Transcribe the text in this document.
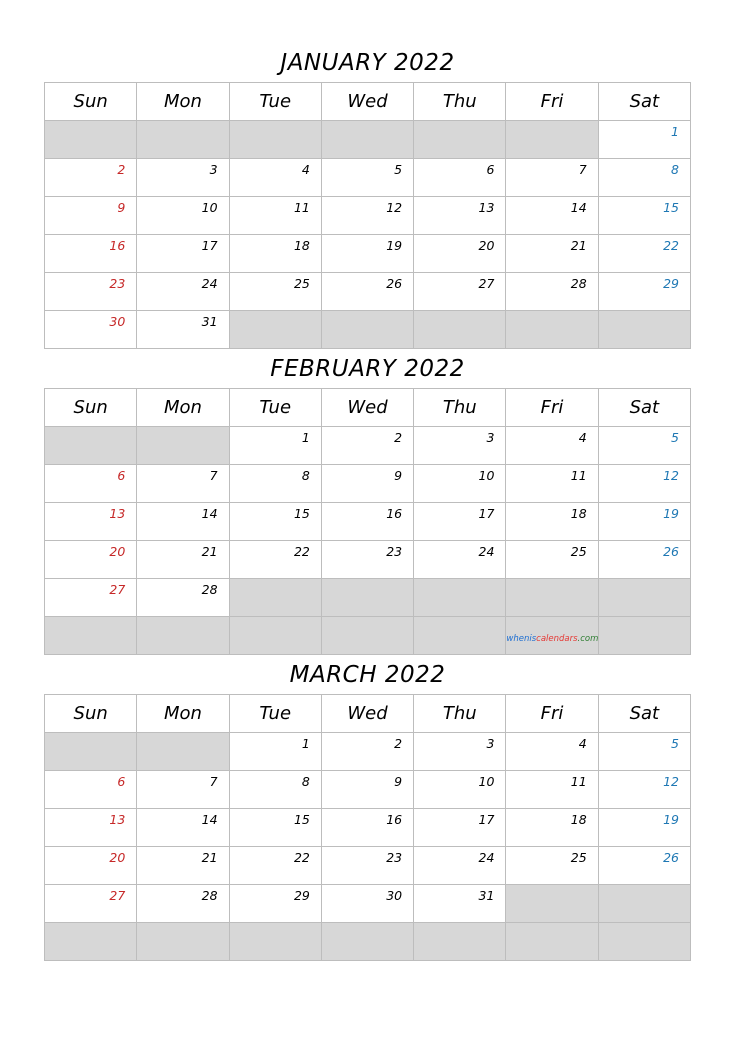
JANUARY 2022
Sun	Mon	Tue	Wed	Thu	Fri	Sat

						1

2	3	4	5	6	7	8

9	10	11	12	13	14	15

16	17	18	19	20	21	22

23	24	25	26	27	28	29

30	31					

FEBRUARY 2022
Sun	Mon	Tue	Wed	Thu	Fri	Sat

		1	2	3	4	5

6	7	8	9	10	11	12

13	14	15	16	17	18	19

20	21	22	23	24	25	26

27	28					

					wheniscalendars.com	

MARCH 2022
Sun	Mon	Tue	Wed	Thu	Fri	Sat

		1	2	3	4	5

6	7	8	9	10	11	12

13	14	15	16	17	18	19

20	21	22	23	24	25	26

27	28	29	30	31		
